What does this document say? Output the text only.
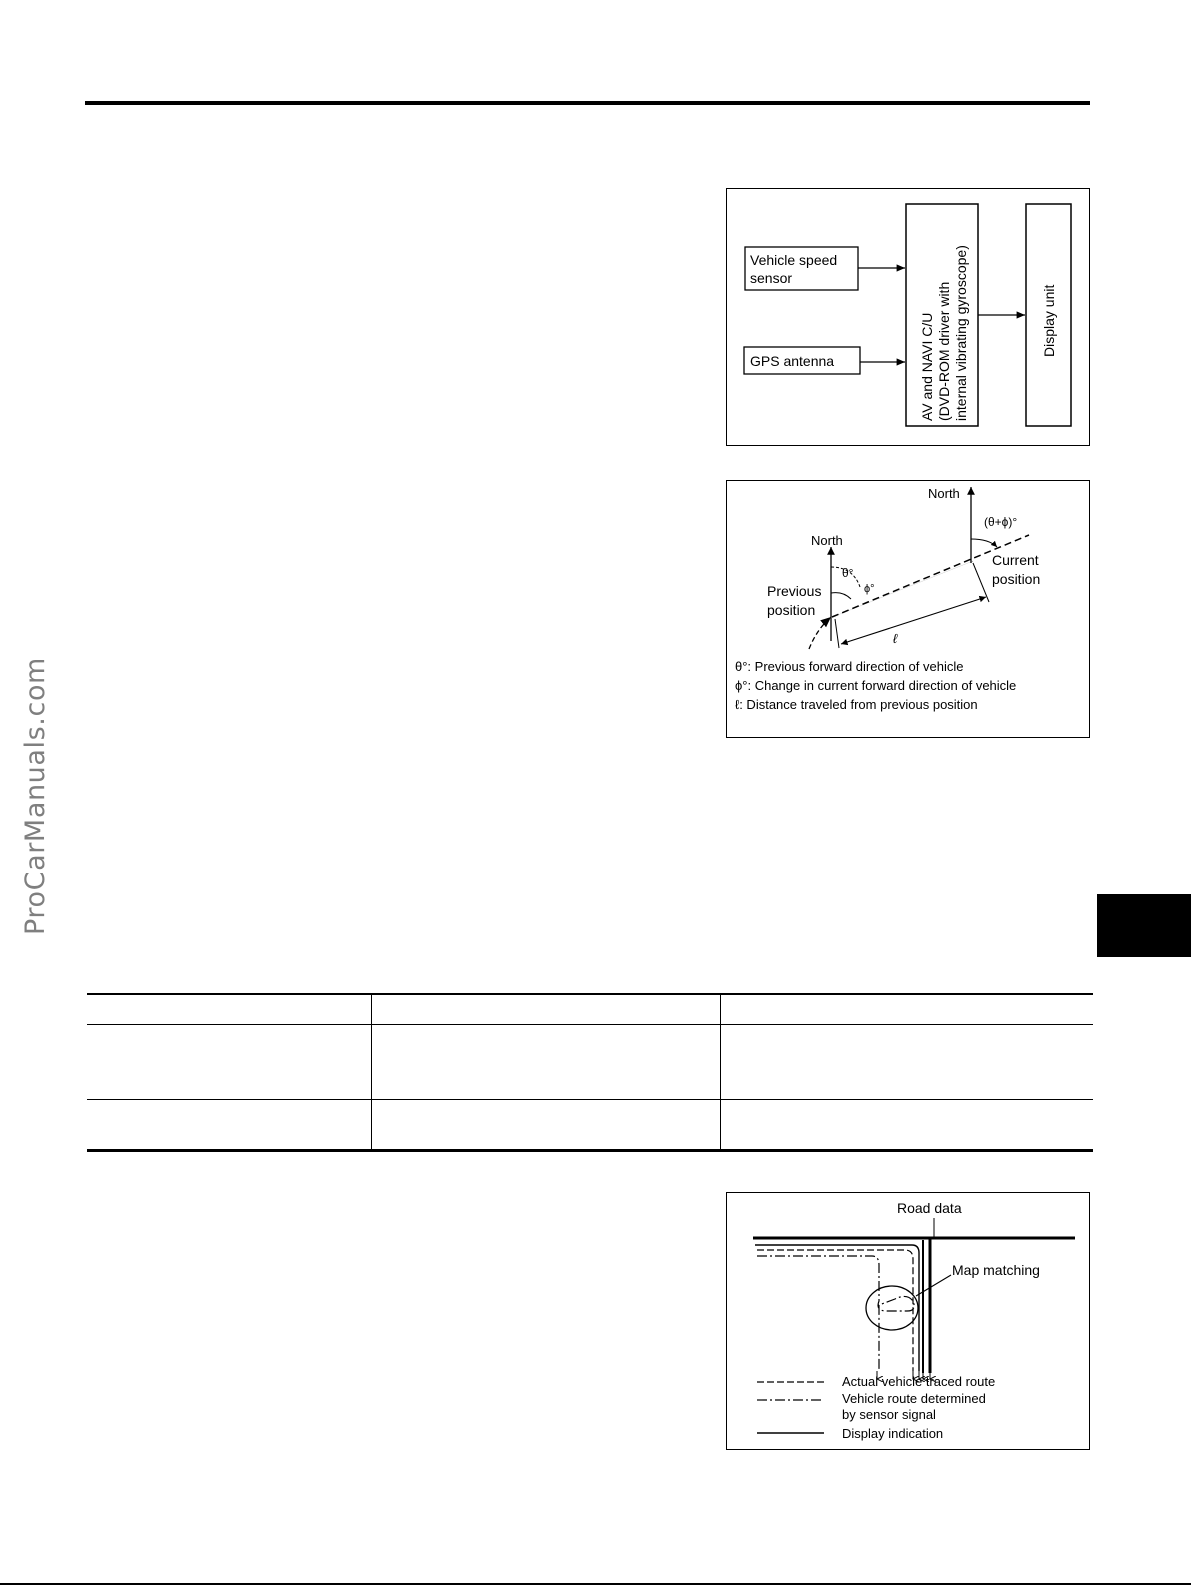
ProCarManuals.com
Vehicle speed
sensor
GPS antenna	AV and NAVI C/U (DVD-ROM driver with internal vibrating gyroscope)	Display unit
North
(θ+ϕ)°
North
θ°
ϕ°
Previous
position
Current
position
ℓ
θ°: Previous forward direction of vehicle
ϕ°: Change in current forward direction of vehicle
ℓ: Distance traveled from previous position

Road data
Map matching
Actual vehicle traced route
Vehicle route determined
by sensor signal
Display indication
